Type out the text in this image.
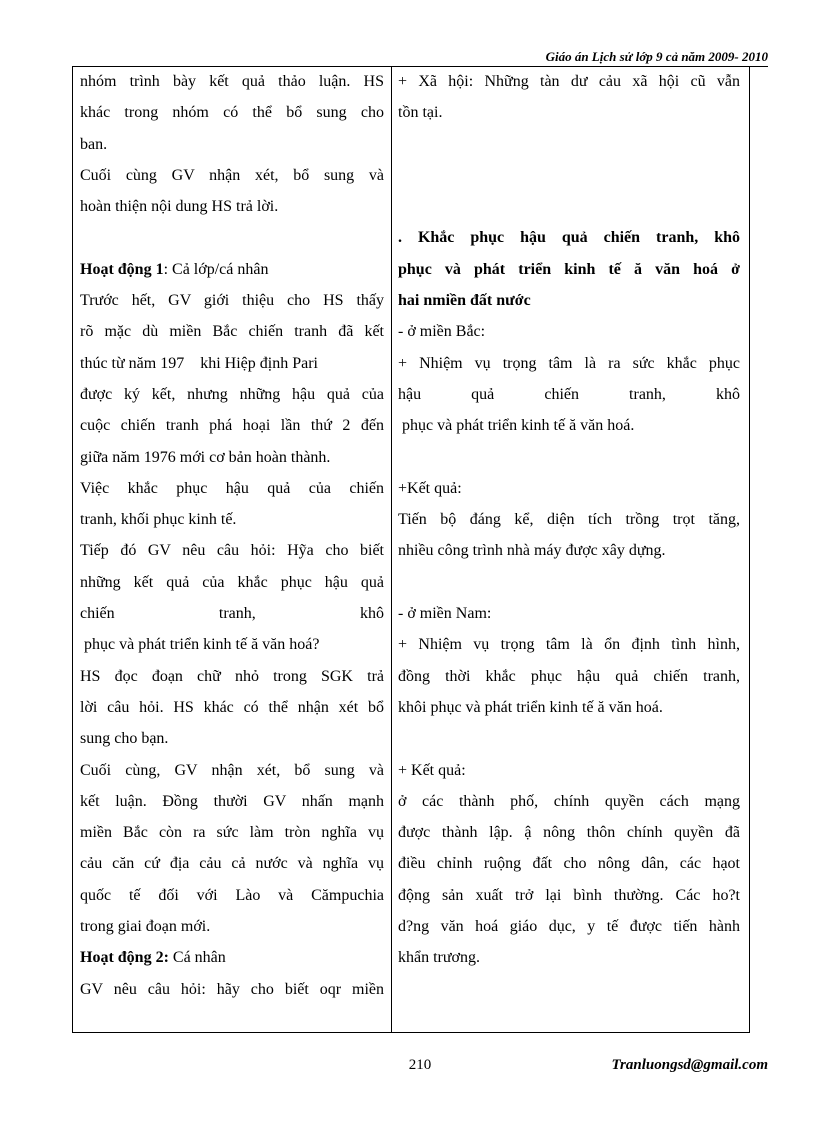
Giáo án Lịch sử lớp 9 cả năm 2009- 2010
nhóm trình bày kết quả thảo luận. HS
khác trong nhóm có thể bổ sung cho
ban.
Cuối cùng GV nhận xét, bổ sung và
hoàn thiện nội dung HS trả lời.
Hoạt động 1: Cả lớp/cá nhân
Trước hết, GV giới thiệu cho HS thấy
rõ mặc dù miền Bắc chiến tranh đã kết
thúc từ năm 197    khi Hiệp định Pari
được ký kết, nhưng những hậu quả của
cuộc chiến tranh phá hoại lần thứ 2 đến
giữa năm 1976 mới cơ bản hoàn thành.
Việc khắc phục hậu quả của chiến
tranh, khối phục kinh tế.
Tiếp đó GV nêu câu hỏi: Hỹa cho biết
những kết quả của khắc phục hậu quả
chiến tranh, khô
phục và phát triển kinh tế ă văn hoá?
HS đọc đoạn chữ nhỏ trong SGK trả
lời câu hỏi. HS khác có thể nhận xét bổ
sung cho bạn.
Cuối cùng, GV nhận xét, bổ sung và
kết luận. Đồng thười GV nhấn mạnh
miền Bắc còn ra sức làm tròn nghĩa vụ
cảu căn cứ địa cảu cả nước và nghĩa vụ
quốc tế đối với Lào và Cămpuchia
trong giai đoạn mới.
Hoạt động 2: Cá nhân
GV nêu câu hỏi: hãy cho biết oqr miền
+ Xã hội: Những tàn dư cảu xã hội cũ vẫn
tồn tại.
. Khắc phục hậu quả chiến tranh, khô
phục và phát triển kinh tế ă văn hoá ở
hai nmiền đất nước
- ở miền Bắc:
+ Nhiệm vụ trọng tâm là ra sức khắc phục
hậu quả chiến tranh, khô
phục và phát triển kinh tế ă văn hoá.
+Kết quả:
Tiến bộ đáng kể, diện tích trồng trọt tăng,
nhiều công trình nhà máy được xây dựng.
- ở miền Nam:
+ Nhiệm vụ trọng tâm là ổn định tình hình,
đồng thời khắc phục hậu quả chiến tranh,
khôi phục và phát triển kinh tế ă văn hoá.
+ Kết quả:
ở các thành phố, chính quyền cách mạng
được thành lập. ậ nông thôn chính quyền đã
điều chỉnh ruộng đất cho nông dân, các hạot
động sản xuất trở lại bình thường. Các ho?t
d?ng văn hoá giáo dục, y tế được tiến hành
khẩn trương.
210	Tranluongsd@gmail.com
